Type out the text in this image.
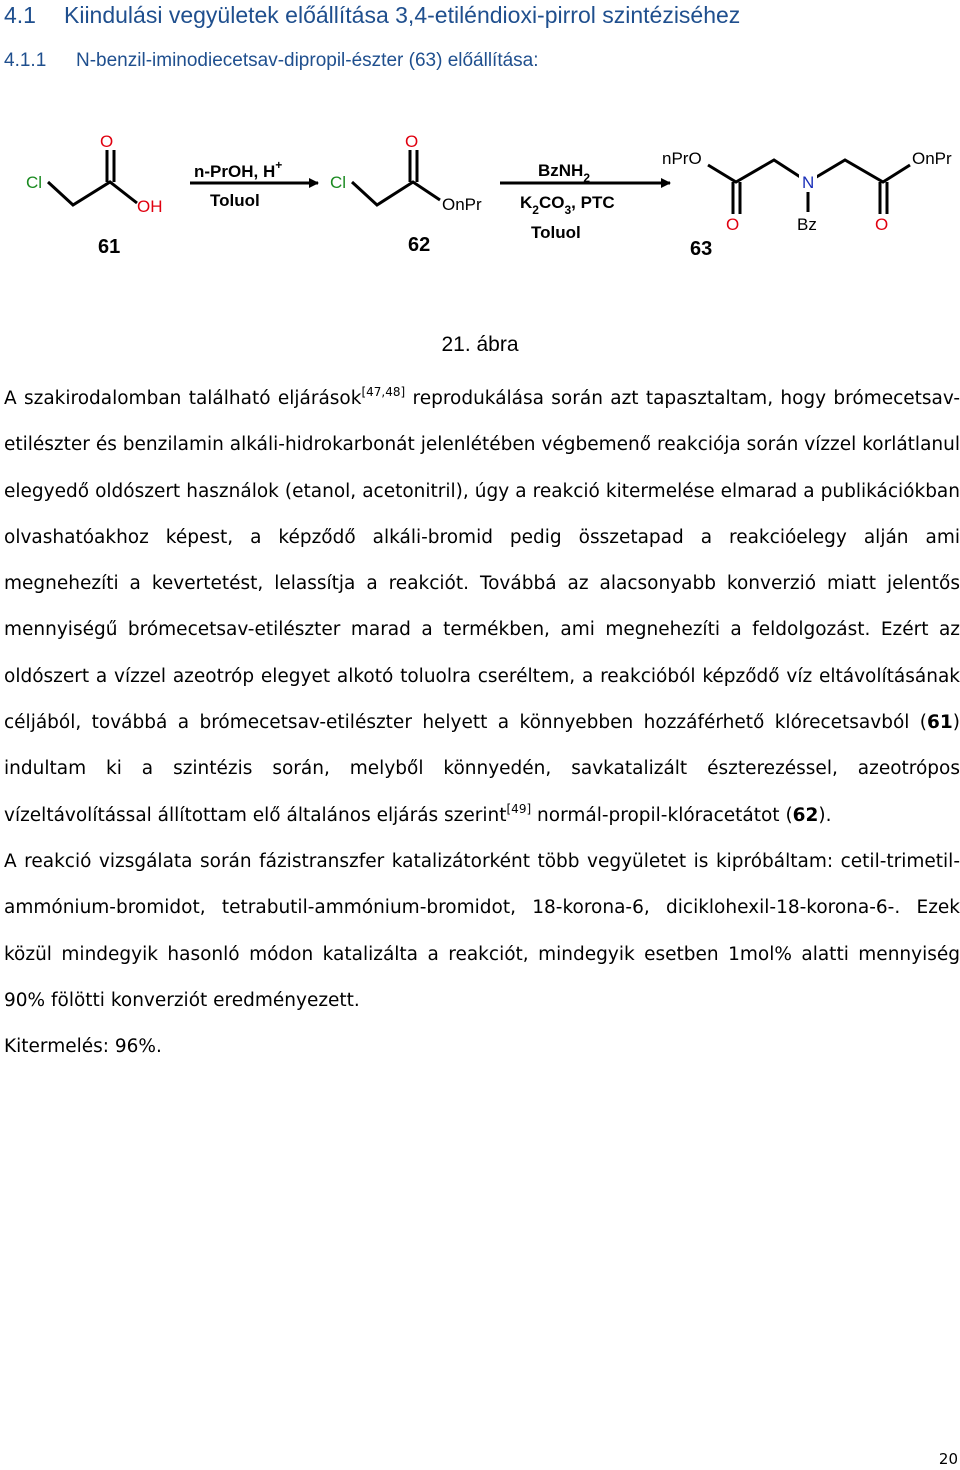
4.1 Kiindulási vegyületek előállítása 3,4-etiléndioxi-pirrol szintéziséhez
4.1.1 N-benzil-iminodiecetsav-dipropil-észter (63) előállítása:
Cl
O
OH
61
n-PrOH, H+
Toluol
Cl
O
OnPr
62
BzNH$_2$
$K_2CO_3$, PTC
Toluol
nPrO	OnPr
N
O	O
Bz
63
21. ábra

A szakirodalomban található eljárások[47,48] reprodukálása során azt tapasztaltam, hogy brómecetsav-etilészter és benzilamin alkáli-hidrokarbonát jelenlétében végbemenő reakciója során vízzel korlátlanul elegyedő oldószert használok (etanol, acetonitril), úgy a reakció kitermelése elmarad a publikációkban olvashatóakhoz képest, a képződő alkáli-bromid pedig összetapad a reakcióelegy alján ami megnehezíti a kevertetést, lelassítja a reakciót. Továbbá az alacsonyabb konverzió miatt jelentős mennyiségű brómecetsav-etilészter marad a termékben, ami megnehezíti a feldolgozást. Ezért az oldószert a vízzel azeotróp elegyet alkotó toluolra cseréltem, a reakcióból képződő víz eltávolításának céljából, továbbá a brómecetsav-etilészter helyett a könnyebben hozzáférhető klórecetsavból (61) indultam ki a szintézis során, melyből könnyedén, savkatalizált észterezéssel, azeotrópos vízeltávolítással állítottam elő általános eljárás szerint[49] normál-propil-klóracetátot (62).

A reakció vizsgálata során fázistranszfer katalizátorként több vegyületet is kipróbáltam: cetil-trimetil-ammónium-bromidot, tetrabutil-ammónium-bromidot, 18-korona-6, diciklohexil-18-korona-6-. Ezek közül mindegyik hasonló módon katalizálta a reakciót, mindegyik esetben 1mol% alatti mennyiség 90% fölötti konverziót eredményezett.

Kitermelés: 96%.

20
